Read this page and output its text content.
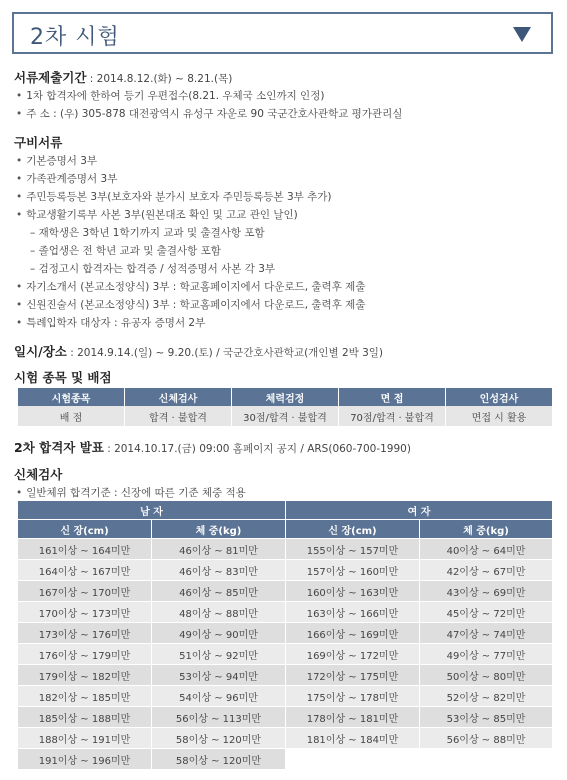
2차 시험
서류제출기간 : 2014.8.12.(화) ~ 8.21.(목)
• 1차 합격자에 한하여 등기 우편접수(8.21. 우체국 소인까지 인정)
• 주 소 : (우) 305-878 대전광역시 유성구 자운로 90 국군간호사관학교 평가관리실
구비서류
• 기본증명서 3부
• 가족관계증명서 3부
• 주민등록등본 3부(보호자와 분가시 보호자 주민등록등본 3부 추가)
• 학교생활기록부 사본 3부(원본대조 확인 및 고교 관인 날인)
– 재학생은 3학년 1학기까지 교과 및 출결사항 포함
– 졸업생은 전 학년 교과 및 출결사항 포함
– 검정고시 합격자는 합격증 / 성적증명서 사본 각 3부
• 자기소개서 (본교소정양식) 3부 : 학교홈페이지에서 다운로드, 출력후 제출
• 신원진술서 (본교소정양식) 3부 : 학교홈페이지에서 다운로드, 출력후 제출
• 특례입학자 대상자 : 유공자 증명서 2부
일시/장소 : 2014.9.14.(일) ~ 9.20.(토) / 국군간호사관학교(개인별 2박 3일)
시험 종목 및 배점
시험종목	신체검사	체력검정	면 접	인성검사
배 점	합격 · 불합격	30점/합격 · 불합격	70점/합격 · 불합격	면접 시 활용
2차 합격자 발표 : 2014.10.17.(금) 09:00 홈페이지 공지 / ARS(060-700-1990)
신체검사
• 일반체위 합격기준 : 신장에 따른 기준 체중 적용
남 자		여 자	
신 장(cm)	체 중(kg)	신 장(cm)	체 중(kg)
161이상 ~ 164미만	46이상 ~ 81미만	155이상 ~ 157미만	40이상 ~ 64미만
164이상 ~ 167미만	46이상 ~ 83미만	157이상 ~ 160미만	42이상 ~ 67미만
167이상 ~ 170미만	46이상 ~ 85미만	160이상 ~ 163미만	43이상 ~ 69미만
170이상 ~ 173미만	48이상 ~ 88미만	163이상 ~ 166미만	45이상 ~ 72미만
173이상 ~ 176미만	49이상 ~ 90미만	166이상 ~ 169미만	47이상 ~ 74미만
176이상 ~ 179미만	51이상 ~ 92미만	169이상 ~ 172미만	49이상 ~ 77미만
179이상 ~ 182미만	53이상 ~ 94미만	172이상 ~ 175미만	50이상 ~ 80미만
182이상 ~ 185미만	54이상 ~ 96미만	175이상 ~ 178미만	52이상 ~ 82미만
185이상 ~ 188미만	56이상 ~ 113미만	178이상 ~ 181미만	53이상 ~ 85미만
188이상 ~ 191미만	58이상 ~ 120미만	181이상 ~ 184미만	56이상 ~ 88미만
191이상 ~ 196미만	58이상 ~ 120미만		
